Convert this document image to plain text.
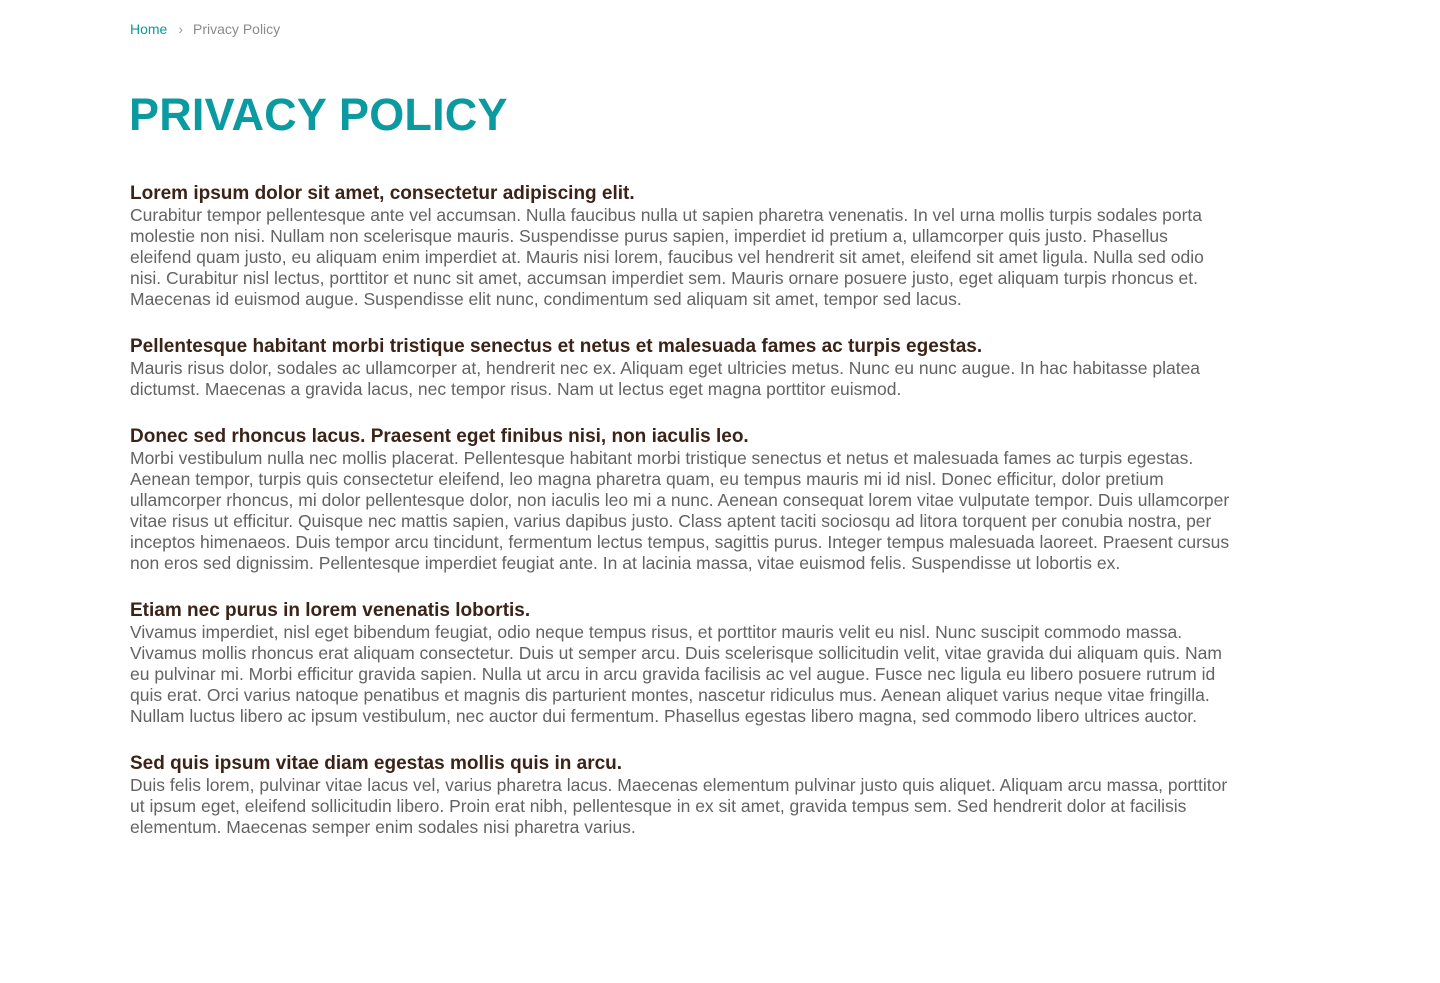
Home › Privacy Policy
PRIVACY POLICY
Lorem ipsum dolor sit amet, consectetur adipiscing elit.

Curabitur tempor pellentesque ante vel accumsan. Nulla faucibus nulla ut sapien pharetra venenatis. In vel urna mollis turpis sodales porta molestie non nisi. Nullam non scelerisque mauris. Suspendisse purus sapien, imperdiet id pretium a, ullamcorper quis justo. Phasellus eleifend quam justo, eu aliquam enim imperdiet at. Mauris nisi lorem, faucibus vel hendrerit sit amet, eleifend sit amet ligula. Nulla sed odio nisi. Curabitur nisl lectus, porttitor et nunc sit amet, accumsan imperdiet sem. Mauris ornare posuere justo, eget aliquam turpis rhoncus et. Maecenas id euismod augue. Suspendisse elit nunc, condimentum sed aliquam sit amet, tempor sed lacus.

Pellentesque habitant morbi tristique senectus et netus et malesuada fames ac turpis egestas.

Mauris risus dolor, sodales ac ullamcorper at, hendrerit nec ex. Aliquam eget ultricies metus. Nunc eu nunc augue. In hac habitasse platea dictumst. Maecenas a gravida lacus, nec tempor risus. Nam ut lectus eget magna porttitor euismod.

Donec sed rhoncus lacus. Praesent eget finibus nisi, non iaculis leo.

Morbi vestibulum nulla nec mollis placerat. Pellentesque habitant morbi tristique senectus et netus et malesuada fames ac turpis egestas. Aenean tempor, turpis quis consectetur eleifend, leo magna pharetra quam, eu tempus mauris mi id nisl. Donec efficitur, dolor pretium ullamcorper rhoncus, mi dolor pellentesque dolor, non iaculis leo mi a nunc. Aenean consequat lorem vitae vulputate tempor. Duis ullamcorper vitae risus ut efficitur. Quisque nec mattis sapien, varius dapibus justo. Class aptent taciti sociosqu ad litora torquent per conubia nostra, per inceptos himenaeos. Duis tempor arcu tincidunt, fermentum lectus tempus, sagittis purus. Integer tempus malesuada laoreet. Praesent cursus non eros sed dignissim. Pellentesque imperdiet feugiat ante. In at lacinia massa, vitae euismod felis. Suspendisse ut lobortis ex.

Etiam nec purus in lorem venenatis lobortis.

Vivamus imperdiet, nisl eget bibendum feugiat, odio neque tempus risus, et porttitor mauris velit eu nisl. Nunc suscipit commodo massa. Vivamus mollis rhoncus erat aliquam consectetur. Duis ut semper arcu. Duis scelerisque sollicitudin velit, vitae gravida dui aliquam quis. Nam eu pulvinar mi. Morbi efficitur gravida sapien. Nulla ut arcu in arcu gravida facilisis ac vel augue. Fusce nec ligula eu libero posuere rutrum id quis erat. Orci varius natoque penatibus et magnis dis parturient montes, nascetur ridiculus mus. Aenean aliquet varius neque vitae fringilla. Nullam luctus libero ac ipsum vestibulum, nec auctor dui fermentum. Phasellus egestas libero magna, sed commodo libero ultrices auctor.

Sed quis ipsum vitae diam egestas mollis quis in arcu.

Duis felis lorem, pulvinar vitae lacus vel, varius pharetra lacus. Maecenas elementum pulvinar justo quis aliquet. Aliquam arcu massa, porttitor ut ipsum eget, eleifend sollicitudin libero. Proin erat nibh, pellentesque in ex sit amet, gravida tempus sem. Sed hendrerit dolor at facilisis elementum. Maecenas semper enim sodales nisi pharetra varius.
